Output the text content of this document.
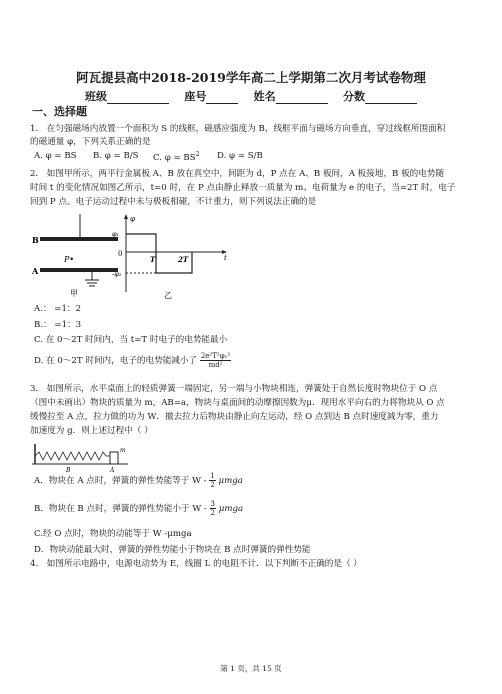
阿瓦提县高中2018-2019学年高二上学期第二次月考试卷物理
班级	座号	姓名	分数
一、选择题
1． 在匀强磁场内放置一个面积为 S 的线框，磁感应强度为 B，线框平面与磁场方向垂直，穿过线框所围面积
的磁通量 φ，下列关系正确的是
A. φ = BS B. φ = B/S C. $\varphi = BS^2$ D. φ = S/B
2． 如图甲所示，两平行金属板 A、B 放在真空中，间距为 d，P 点在 A、B 板间，A 板接地，B 板的电势随
时间 t 的变化情况如图乙所示，t=0 时，在 P 点由静止释放一质量为 m、电荷量为 e 的电子，当=2T 时，电子
回到 P 点。电子运动过程中未与极板相碰，不计重力，则下列说法正确的是
B
P•
A
甲
φ
φ₁
0	t
-φ₂
T	2T
乙
A.： =1：2
B.： =1：3
C. 在 0～2T 时间内，当 t=T 时电子的电势能最小
D. 在 0～2T 时间内，电子的电势能减小了 $\frac{\text{2e²T²φ₁²}}{\text{md²}}$
3． 如图所示，水平桌面上的轻质弹簧一端固定，另一端与小物块相连，弹簧处于自然长度时物块位于 O 点
（图中未画出）物块的质量为 m，AB=a，物块与桌面间的动摩擦因数为μ．现用水平向右的力将物块从 O 点
缓慢拉至 A 点，拉力做的功为 W．撤去拉力后物块由静止向左运动，经 O 点到达 B 点时速度减为零，重力
加速度为 g．则上述过程中（ ）
m
B	A
A．物块在 A 点时，弹簧的弹性势能等于 W - $\frac{1}{2}$ μmga
B．物块在 B 点时，弹簧的弹性势能小于 W - $\frac{3}{2}$ μmga
C.经 O 点时，物块的动能等于 W -μmga
D．物块动能最大时，弹簧的弹性势能小于物块在 B 点时弹簧的弹性势能
4． 如图所示电路中，电源电动势为 E，线圈 L 的电阻不计．以下判断不正确的是（ ）
第 1 页，共 15 页
